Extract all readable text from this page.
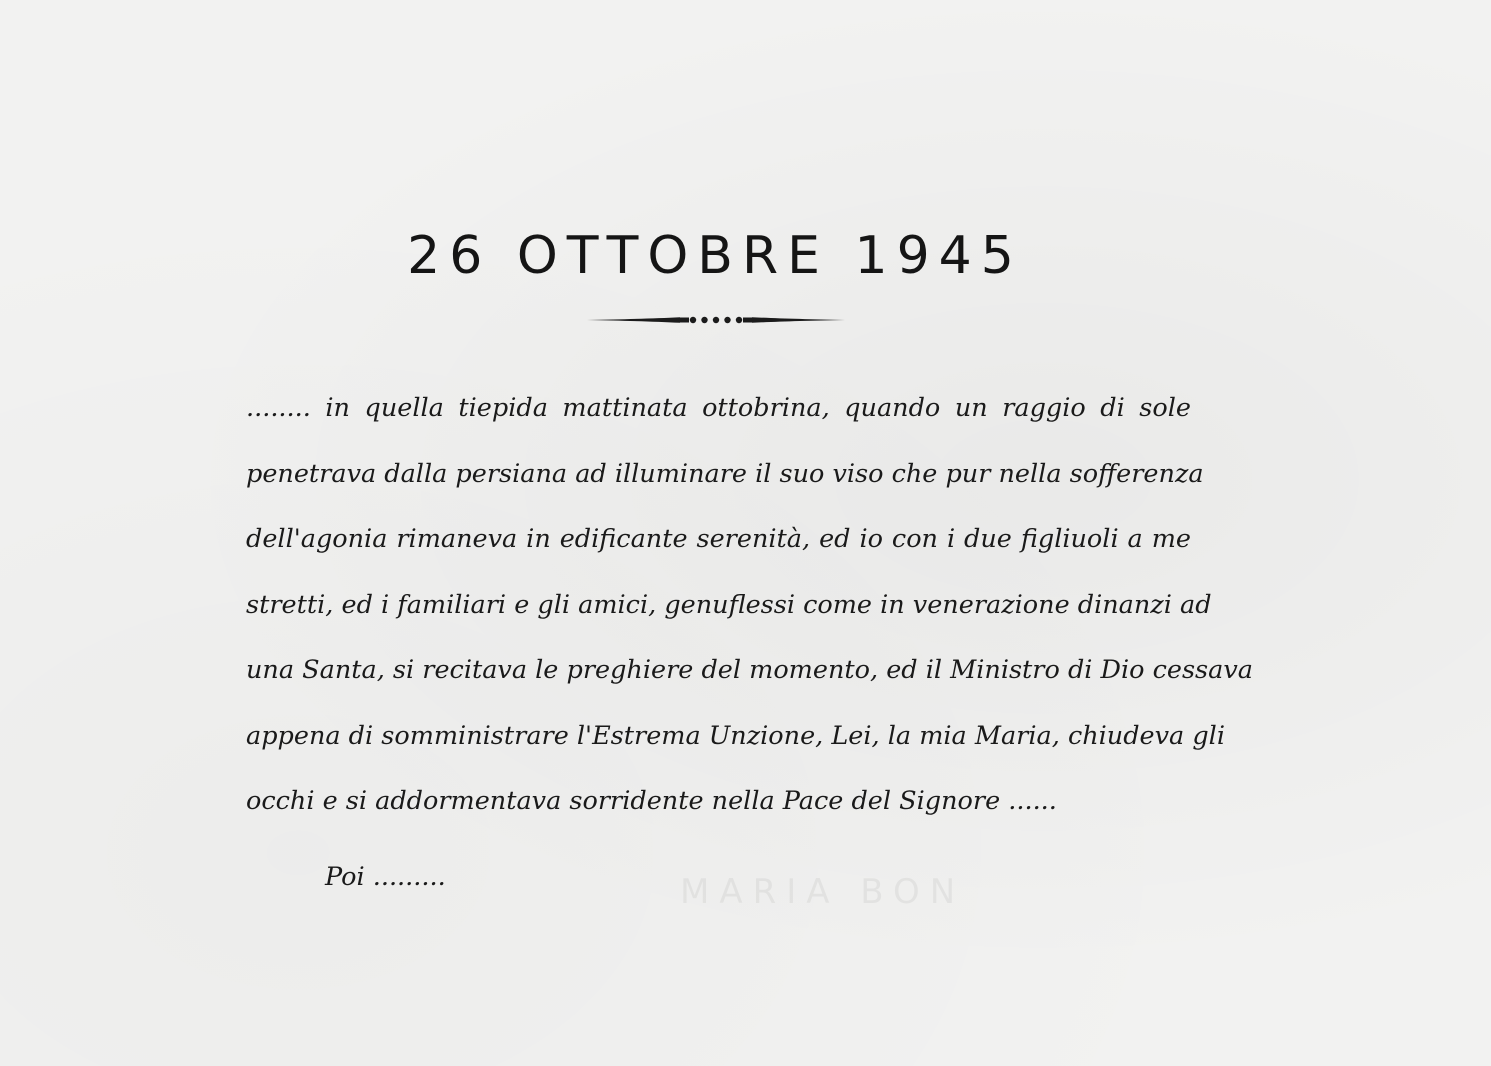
26 OTTOBRE 1945
........ in quella tiepida mattinata ottobrina, quando un raggio di sole
penetrava dalla persiana ad illuminare il suo viso che pur nella sofferenza
dell'agonia rimaneva in edificante serenità, ed io con i due figliuoli a me
stretti, ed i familiari e gli amici, genuflessi come in venerazione dinanzi ad
una Santa, si recitava le preghiere del momento, ed il Ministro di Dio cessava
appena di somministrare l'Estrema Unzione, Lei, la mia Maria, chiudeva gli
occhi e si addormentava sorridente nella Pace del Signore ......
Poi .........	MARIA BON
